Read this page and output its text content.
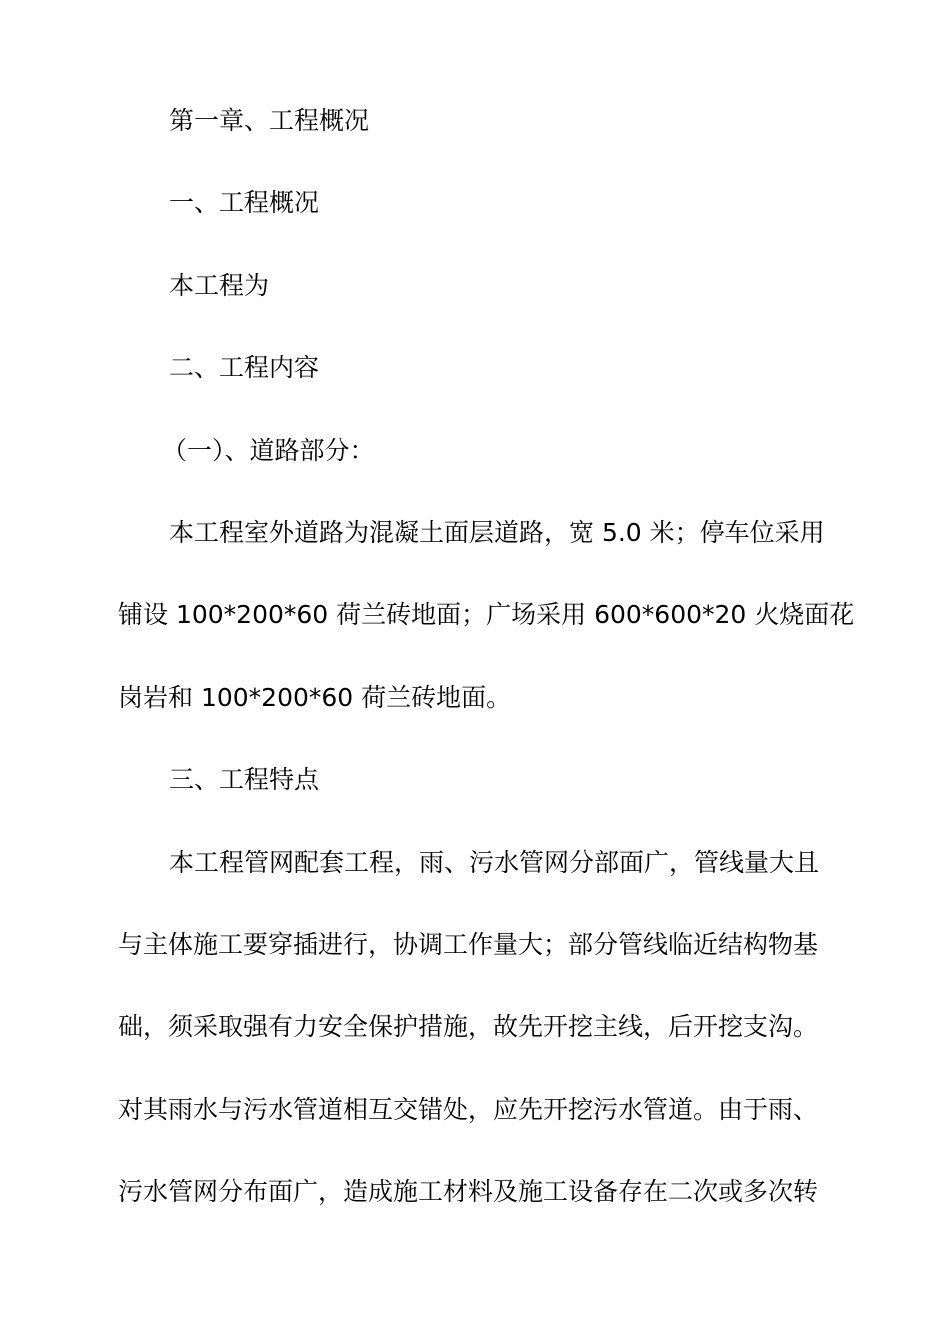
第一章、工程概况
一、工程概况
本工程为
二、工程内容
（一）、道路部分：
本工程室外道路为混凝土面层道路，宽 5.0 米；停车位采用
铺设 100*200*60 荷兰砖地面；广场采用 600*600*20 火烧面花
岗岩和 100*200*60 荷兰砖地面。
三、工程特点
本工程管网配套工程，雨、污水管网分部面广，管线量大且
与主体施工要穿插进行，协调工作量大；部分管线临近结构物基
础，须采取强有力安全保护措施，故先开挖主线，后开挖支沟。
对其雨水与污水管道相互交错处，应先开挖污水管道。由于雨、
污水管网分布面广，造成施工材料及施工设备存在二次或多次转
